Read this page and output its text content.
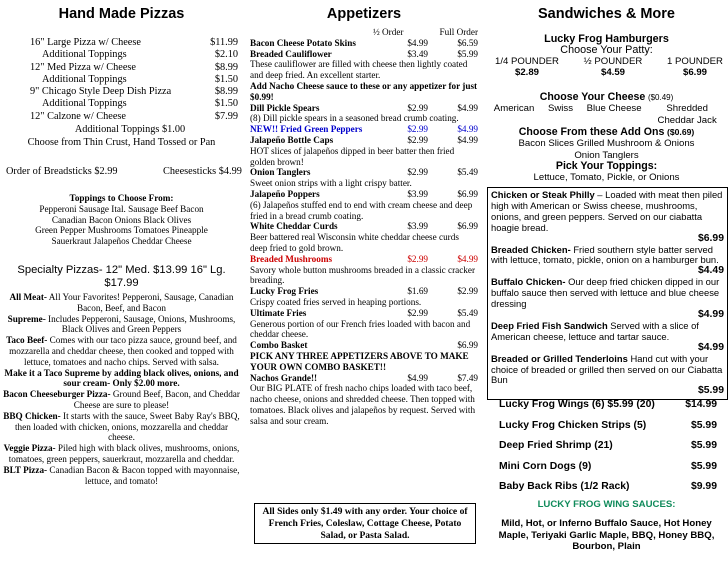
Hand Made Pizzas
16" Large Pizza w/ Cheese	$11.99
Additional Toppings	$2.10
12" Med Pizza w/ Cheese	$8.99
Additional Toppings	$1.50
9" Chicago Style Deep Dish Pizza	$8.99
Additional Toppings	$1.50
12" Calzone w/ Cheese	$7.99
Additional Toppings $1.00
Choose from Thin Crust, Hand Tossed or Pan
Order of Breadsticks $2.99	Cheesesticks $4.99
Toppings to Choose From:
Pepperoni Sausage Ital. Sausage Beef Bacon
Canadian Bacon Onions Black Olives
Green Pepper Mushrooms Tomatoes Pineapple
Sauerkraut Jalapeños Cheddar Cheese
Specialty Pizzas- 12" Med. $13.99 16" Lg. $17.99
All Meat- All Your Favorites! Pepperoni, Sausage, Canadian Bacon, Beef, and Bacon
Supreme- Includes Pepperoni, Sausage, Onions, Mushrooms, Black Olives and Green Peppers
Taco Beef- Comes with our taco pizza sauce, ground beef, and mozzarella and cheddar cheese, then cooked and topped with lettuce, tomatoes and nacho chips. Served with salsa.
Make it a Taco Supreme by adding black olives, onions, and sour cream- Only $2.00 more.
Bacon Cheeseburger Pizza- Ground Beef, Bacon, and Cheddar Cheese are sure to please!
BBQ Chicken- It starts with the sauce, Sweet Baby Ray's BBQ, then loaded with chicken, onions, mozzarella and cheddar cheese.
Veggie Pizza- Piled high with black olives, mushrooms, onions, tomatoes, green peppers, sauerkraut, mozzarella and cheddar.
BLT Pizza- Canadian Bacon & Bacon topped with mayonnaise, lettuce, and tomato!
Appetizers
½ Order	Full Order
Bacon Cheese Potato Skins	$4.99	$6.59
Breaded Cauliflower	$3.49	$5.99
These cauliflower are filled with cheese then lightly coated and deep fried. An excellent starter.
Add Nacho Cheese sauce to these or any appetizer for just $0.99!
Dill Pickle Spears	$2.99	$4.99
(8) Dill pickle spears in a seasoned bread crumb coating.
NEW!! Fried Green Peppers	$2.99	$4.99
Jalapeño Bottle Caps	$2.99	$4.99
HOT slices of jalapeños dipped in beer batter then fried golden brown!
Onion Tanglers	$2.99	$5.49
Sweet onion strips with a light crispy batter.
Jalapeño Poppers	$3.99	$6.99
(6) Jalapeños stuffed end to end with cream cheese and deep fried in a bread crumb coating.
White Cheddar Curds	$3.99	$6.99
Beer battered real Wisconsin white cheddar cheese curds deep fried to gold brown.
Breaded Mushrooms	$2.99	$4.99
Savory whole button mushrooms breaded in a classic cracker breading.
Lucky Frog Fries	$1.69	$2.99
Crispy coated fries served in heaping portions.
Ultimate Fries	$2.99	$5.49
Generous portion of our French fries loaded with bacon and cheddar cheese.
Combo Basket	$6.99
PICK ANY THREE APPETIZERS ABOVE TO MAKE YOUR OWN COMBO BASKET!!
Nachos Grande!!	$4.99	$7.49
Our BIG PLATE of fresh nacho chips loaded with taco beef, nacho cheese, onions and shredded cheese. Then topped with tomatoes. Black olives and jalapeños by request. Served with salsa and sour cream.
All Sides only $1.49 with any order. Your choice of French Fries, Coleslaw, Cottage Cheese, Potato Salad, or Pasta Salad.
Sandwiches & More
Lucky Frog Hamburgers
Choose Your Patty:
1/4 POUNDER
$2.89
½ POUNDER
$4.59
1 POUNDER
$6.99
Choose Your Cheese ($0.49)
American Swiss Blue Cheese	Shredded Cheddar Jack
Choose From these Add Ons ($0.69)
Bacon Slices Grilled Mushroom & Onions
Onion Tanglers
Pick Your Toppings:
Lettuce, Tomato, Pickle, or Onions
Chicken or Steak Philly – Loaded with meat then piled high with American or Swiss cheese, mushrooms, onions, and green peppers. Served on our ciabatta hoagie bread.
$6.99
Breaded Chicken- Fried southern style batter served with lettuce, tomato, pickle, onion on a hamburger bun.
$4.49
Buffalo Chicken- Our deep fried chicken dipped in our buffalo sauce then served with lettuce and blue cheese dressing
$4.99
Deep Fried Fish Sandwich Served with a slice of American cheese, lettuce and tartar sauce.
$4.99
Breaded or Grilled Tenderloins Hand cut with your choice of breaded or grilled then served on our Ciabatta Bun
$5.99
Lucky Frog Wings (6) $5.99 (20)	$14.99
Lucky Frog Chicken Strips (5)	$5.99
Deep Fried Shrimp (21)	$5.99
Mini Corn Dogs (9)	$5.99
Baby Back Ribs (1/2 Rack)	$9.99
LUCKY FROG WING SAUCES:
Mild, Hot, or Inferno Buffalo Sauce, Hot Honey Maple, Teriyaki Garlic Maple, BBQ, Honey BBQ, Bourbon, Plain
